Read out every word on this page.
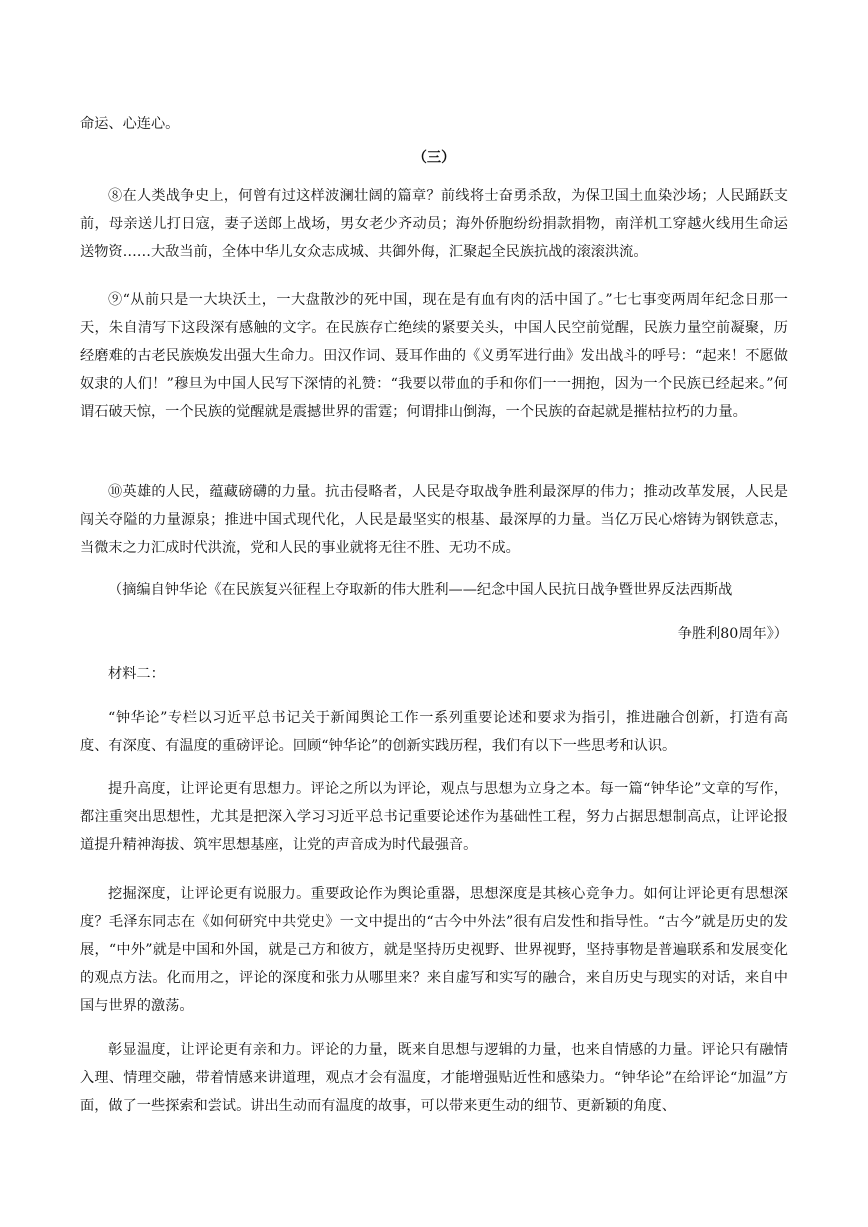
命运、心连心。

（三）

⑧在人类战争史上，何曾有过这样波澜壮阔的篇章？前线将士奋勇杀敌，为保卫国土血染沙场；人民踊跃支前，母亲送儿打日寇，妻子送郎上战场，男女老少齐动员；海外侨胞纷纷捐款捐物，南洋机工穿越火线用生命运送物资……大敌当前，全体中华儿女众志成城、共御外侮，汇聚起全民族抗战的滚滚洪流。

⑨“从前只是一大块沃土，一大盘散沙的死中国，现在是有血有肉的活中国了。”七七事变两周年纪念日那一天，朱自清写下这段深有感触的文字。在民族存亡绝续的紧要关头，中国人民空前觉醒，民族力量空前凝聚，历经磨难的古老民族焕发出强大生命力。田汉作词、聂耳作曲的《义勇军进行曲》发出战斗的呼号：“起来！不愿做奴隶的人们！”穆旦为中国人民写下深情的礼赞：“我要以带血的手和你们一一拥抱，因为一个民族已经起来。”何谓石破天惊，一个民族的觉醒就是震撼世界的雷霆；何谓排山倒海，一个民族的奋起就是摧枯拉朽的力量。

⑩英雄的人民，蕴藏磅礴的力量。抗击侵略者，人民是夺取战争胜利最深厚的伟力；推动改革发展，人民是闯关夺隘的力量源泉；推进中国式现代化，人民是最坚实的根基、最深厚的力量。当亿万民心熔铸为钢铁意志，当微末之力汇成时代洪流，党和人民的事业就将无往不胜、无功不成。

（摘编自钟华论《在民族复兴征程上夺取新的伟大胜利——纪念中国人民抗日战争暨世界反法西斯战

争胜利80周年》）

材料二：

“钟华论”专栏以习近平总书记关于新闻舆论工作一系列重要论述和要求为指引，推进融合创新，打造有高度、有深度、有温度的重磅评论。回顾“钟华论”的创新实践历程，我们有以下一些思考和认识。

提升高度，让评论更有思想力。评论之所以为评论，观点与思想为立身之本。每一篇“钟华论”文章的写作，都注重突出思想性，尤其是把深入学习习近平总书记重要论述作为基础性工程，努力占据思想制高点，让评论报道提升精神海拔、筑牢思想基座，让党的声音成为时代最强音。

挖掘深度，让评论更有说服力。重要政论作为舆论重器，思想深度是其核心竞争力。如何让评论更有思想深度？毛泽东同志在《如何研究中共党史》一文中提出的“古今中外法”很有启发性和指导性。“古今”就是历史的发展，“中外”就是中国和外国，就是己方和彼方，就是坚持历史视野、世界视野，坚持事物是普遍联系和发展变化的观点方法。化而用之，评论的深度和张力从哪里来？来自虚写和实写的融合，来自历史与现实的对话，来自中国与世界的激荡。

彰显温度，让评论更有亲和力。评论的力量，既来自思想与逻辑的力量，也来自情感的力量。评论只有融情入理、情理交融，带着情感来讲道理，观点才会有温度，才能增强贴近性和感染力。“钟华论”在给评论“加温”方面，做了一些探索和尝试。讲出生动而有温度的故事，可以带来更生动的细节、更新颖的角度、
